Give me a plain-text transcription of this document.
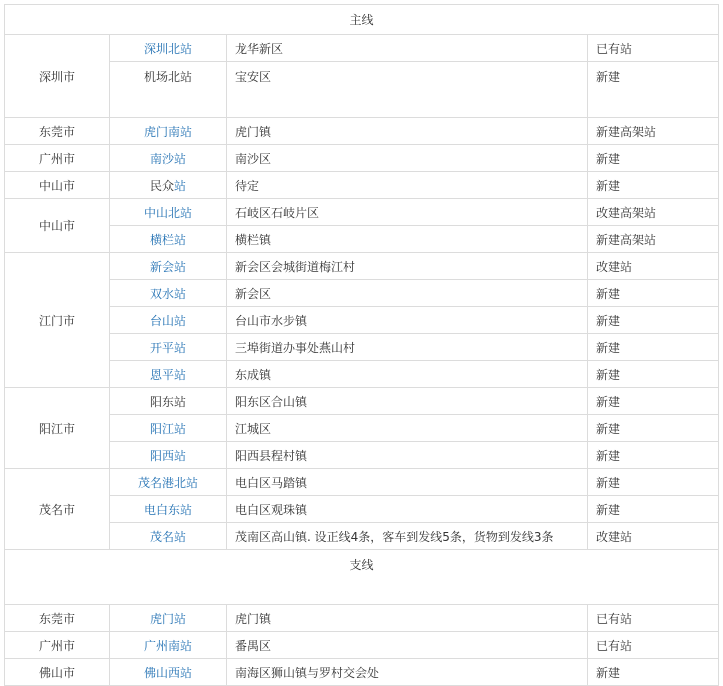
主线			
深圳市	深圳北站	龙华新区	已有站
	机场北站	宝安区	新建
东莞市	虎门南站	虎门镇	新建高架站
广州市	南沙站	南沙区	新建
中山市	民众站	待定	新建
中山市	中山北站	石岐区石岐片区	改建高架站
	横栏站	横栏镇	新建高架站
江门市	新会站	新会区会城街道梅江村	改建站
	双水站	新会区	新建
	台山站	台山市水步镇	新建
	开平站	三埠街道办事处燕山村	新建
	恩平站	东成镇	新建
阳江市	阳东站	阳东区合山镇	新建
	阳江站	江城区	新建
	阳西站	阳西县程村镇	新建
茂名市	茂名港北站	电白区马踏镇	新建
	电白东站	电白区观珠镇	新建
	茂名站	茂南区高山镇. 设正线4条，客车到发线5条，货物到发线3条	改建站
支线			
东莞市	虎门站	虎门镇	已有站
广州市	广州南站	番禺区	已有站
佛山市	佛山西站	南海区狮山镇与罗村交会处	新建
